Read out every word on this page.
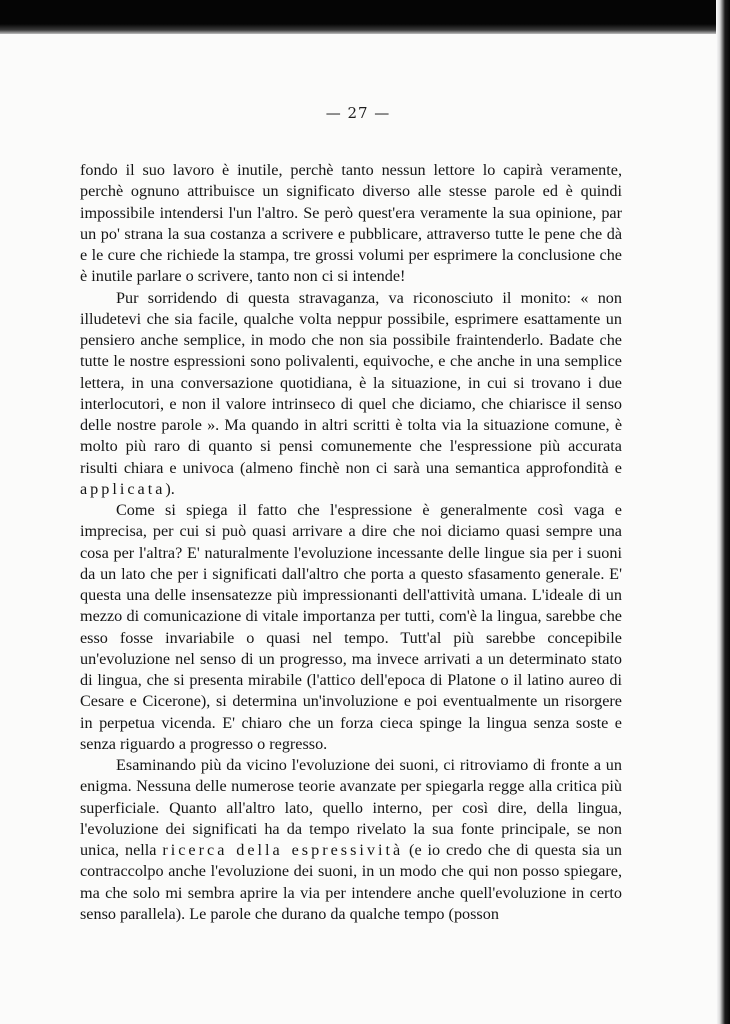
— 27 —

fondo il suo lavoro è inutile, perchè tanto nessun lettore lo capirà veramente, perchè ognuno attribuisce un significato diverso alle stesse parole ed è quindi impossibile intendersi l'un l'altro. Se però quest'era veramente la sua opinione, par un po' strana la sua costanza a scrivere e pubblicare, attraverso tutte le pene che dà e le cure che richiede la stampa, tre grossi volumi per esprimere la conclusione che è inutile parlare o scrivere, tanto non ci si intende!

Pur sorridendo di questa stravaganza, va riconosciuto il monito: « non illudetevi che sia facile, qualche volta neppur possibile, esprimere esattamente un pensiero anche semplice, in modo che non sia possibile fraintenderlo. Badate che tutte le nostre espressioni sono polivalenti, equivoche, e che anche in una semplice lettera, in una conversazione quotidiana, è la situazione, in cui si trovano i due interlocutori, e non il valore intrinseco di quel che diciamo, che chiarisce il senso delle nostre parole ». Ma quando in altri scritti è tolta via la situazione comune, è molto più raro di quanto si pensi comunemente che l'espressione più accurata risulti chiara e univoca (almeno finchè non ci sarà una semantica approfondità e applicata).

Come si spiega il fatto che l'espressione è generalmente così vaga e imprecisa, per cui si può quasi arrivare a dire che noi diciamo quasi sempre una cosa per l'altra? E' naturalmente l'evoluzione incessante delle lingue sia per i suoni da un lato che per i significati dall'altro che porta a questo sfasamento generale. E' questa una delle insensatezze più impressionanti dell'attività umana. L'ideale di un mezzo di comunicazione di vitale importanza per tutti, com'è la lingua, sarebbe che esso fosse invariabile o quasi nel tempo. Tutt'al più sarebbe concepibile un'evoluzione nel senso di un progresso, ma invece arrivati a un determinato stato di lingua, che si presenta mirabile (l'attico dell'epoca di Platone o il latino aureo di Cesare e Cicerone), si determina un'involuzione e poi eventualmente un risorgere in perpetua vicenda. E' chiaro che un forza cieca spinge la lingua senza soste e senza riguardo a progresso o regresso.

Esaminando più da vicino l'evoluzione dei suoni, ci ritroviamo di fronte a un enigma. Nessuna delle numerose teorie avanzate per spiegarla regge alla critica più superficiale. Quanto all'altro lato, quello interno, per così dire, della lingua, l'evoluzione dei significati ha da tempo rivelato la sua fonte principale, se non unica, nella ricerca della espressività (e io credo che di questa sia un contraccolpo anche l'evoluzione dei suoni, in un modo che qui non posso spiegare, ma che solo mi sembra aprire la via per intendere anche quell'evoluzione in certo senso parallela). Le parole che durano da qualche tempo (posson
